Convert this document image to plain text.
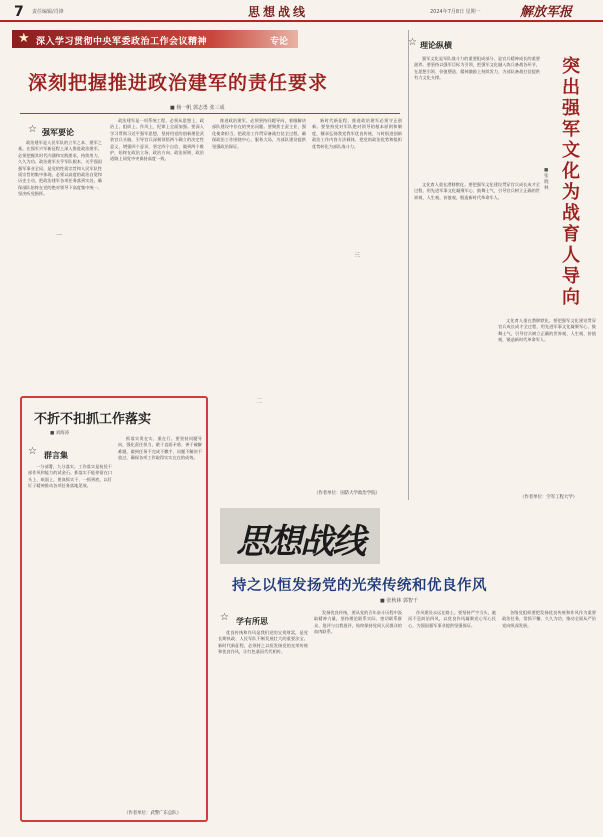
7 责任编辑/肖锋	思想战线	2024年7月8日 星期一	解放军报
★ 深入学习贯彻中央军委政治工作会议精神	专论
深刻把握推进政治建军的责任要求
■ 杨一帆 郭志勇 张三成
☆ 强军要论

政治建军是人民军队的立军之本、建军之基。在强军兴军新征程上深入推进政治建军，必须把握其时代内涵和实践要求，持续用力、久久为功。政治建军关乎军队根本，关乎强国强军事业全局，是党的性质宗旨和人民军队性质宗旨的集中体现。必须以高度的政治自觉和历史主动，把政治建军各项任务落到实处，确保部队始终在党的绝对领导下高度集中统一、坚决听党指挥。

一

政治建军是一项系统工程，必须从思想上、政治上、组织上、作风上、纪律上全面加强。要深入学习贯彻习近平强军思想，坚持用党的创新理论武装官兵头脑，引导官兵深刻领悟两个确立的决定性意义，增强四个意识、坚定四个自信、做到两个维护，始终在政治立场、政治方向、政治原则、政治道路上同党中央保持高度一致。

推进政治建军，必须坚持问题导向，着眼解决部队建设中存在的突出问题。要聚焦主责主业，强化使命担当，把政治工作贯穿备战打仗全过程，确保政治工作围绕中心、服务大局，为部队建设提供坚强政治保证。

二

新时代新征程，推进政治建军必须守正创新。要坚持党对军队绝对领导的根本原则和制度，继承弘扬我党我军优良传统，与时俱进创新政治工作内容方法载体，把党的政治优势和组织优势转化为部队战斗力。

三
（作者单位：国防大学政治学院）
☆ 理论纵横
突出强军文化为战育人导向
■ 张晓林

强军文化是军队战斗力的重要组成部分，是官兵精神成长的重要滋养。要坚持以强军目标为引领，把强军文化融入练兵备战各环节，在思想引领、价值塑造、精神激励上持续发力，为部队备战打仗提供有力文化支撑。

文化育人重在潜移默化。要把强军文化建设贯穿官兵成长成才全过程，用先进军事文化凝聚军心、鼓舞士气，引导官兵树立正确的世界观、人生观、价值观，锻造新时代革命军人。

文化育人重在潜移默化。要把强军文化建设贯穿官兵成长成才全过程，用先进军事文化凝聚军心、鼓舞士气，引导官兵树立正确的世界观、人生观、价值观，锻造新时代革命军人。

（作者单位：空军工程大学）
不折不扣抓工作落实
■ 刘海涛
☆ 群言集

一分部署，九分落实。工作落实是检验干部作风和能力的试金石。抓落实不能停留在口头上、纸面上，要真抓实干、一抓到底，以钉钉子精神推动各项任务落地见效。

抓落实贵在实、重在行。要坚持问题导向，强化责任担当，敢于直面矛盾、善于破解难题，做到任务不完成不撒手、问题不解决不放过，确保各项工作取得实实在在的成效。

（作者单位：武警广东总队）
思想战线
持之以恒发扬党的光荣传统和优良作风
■ 张秋林 郭智千
☆ 学有所思

优良传统和作风是我们党的宝贵财富，是党长期执政、人民军队不断发展壮大的重要法宝。新时代新征程，必须持之以恒发扬党的光荣传统和优良作风，让红色基因代代相传。

发扬优良传统，要从党的百年奋斗历程中汲取精神力量，坚持理论联系实际、密切联系群众、批评与自我批评，始终保持党同人民群众的血肉联系。

作风建设永远在路上。要坚持严字当头，驰而不息纠治四风，以优良作风凝聚党心军心民心，为强国强军事业提供坚强保证。

各级党组织要把发扬优良传统和作风作为重要政治任务，常抓不懈、久久为功，推动全面从严治党向纵深发展。
